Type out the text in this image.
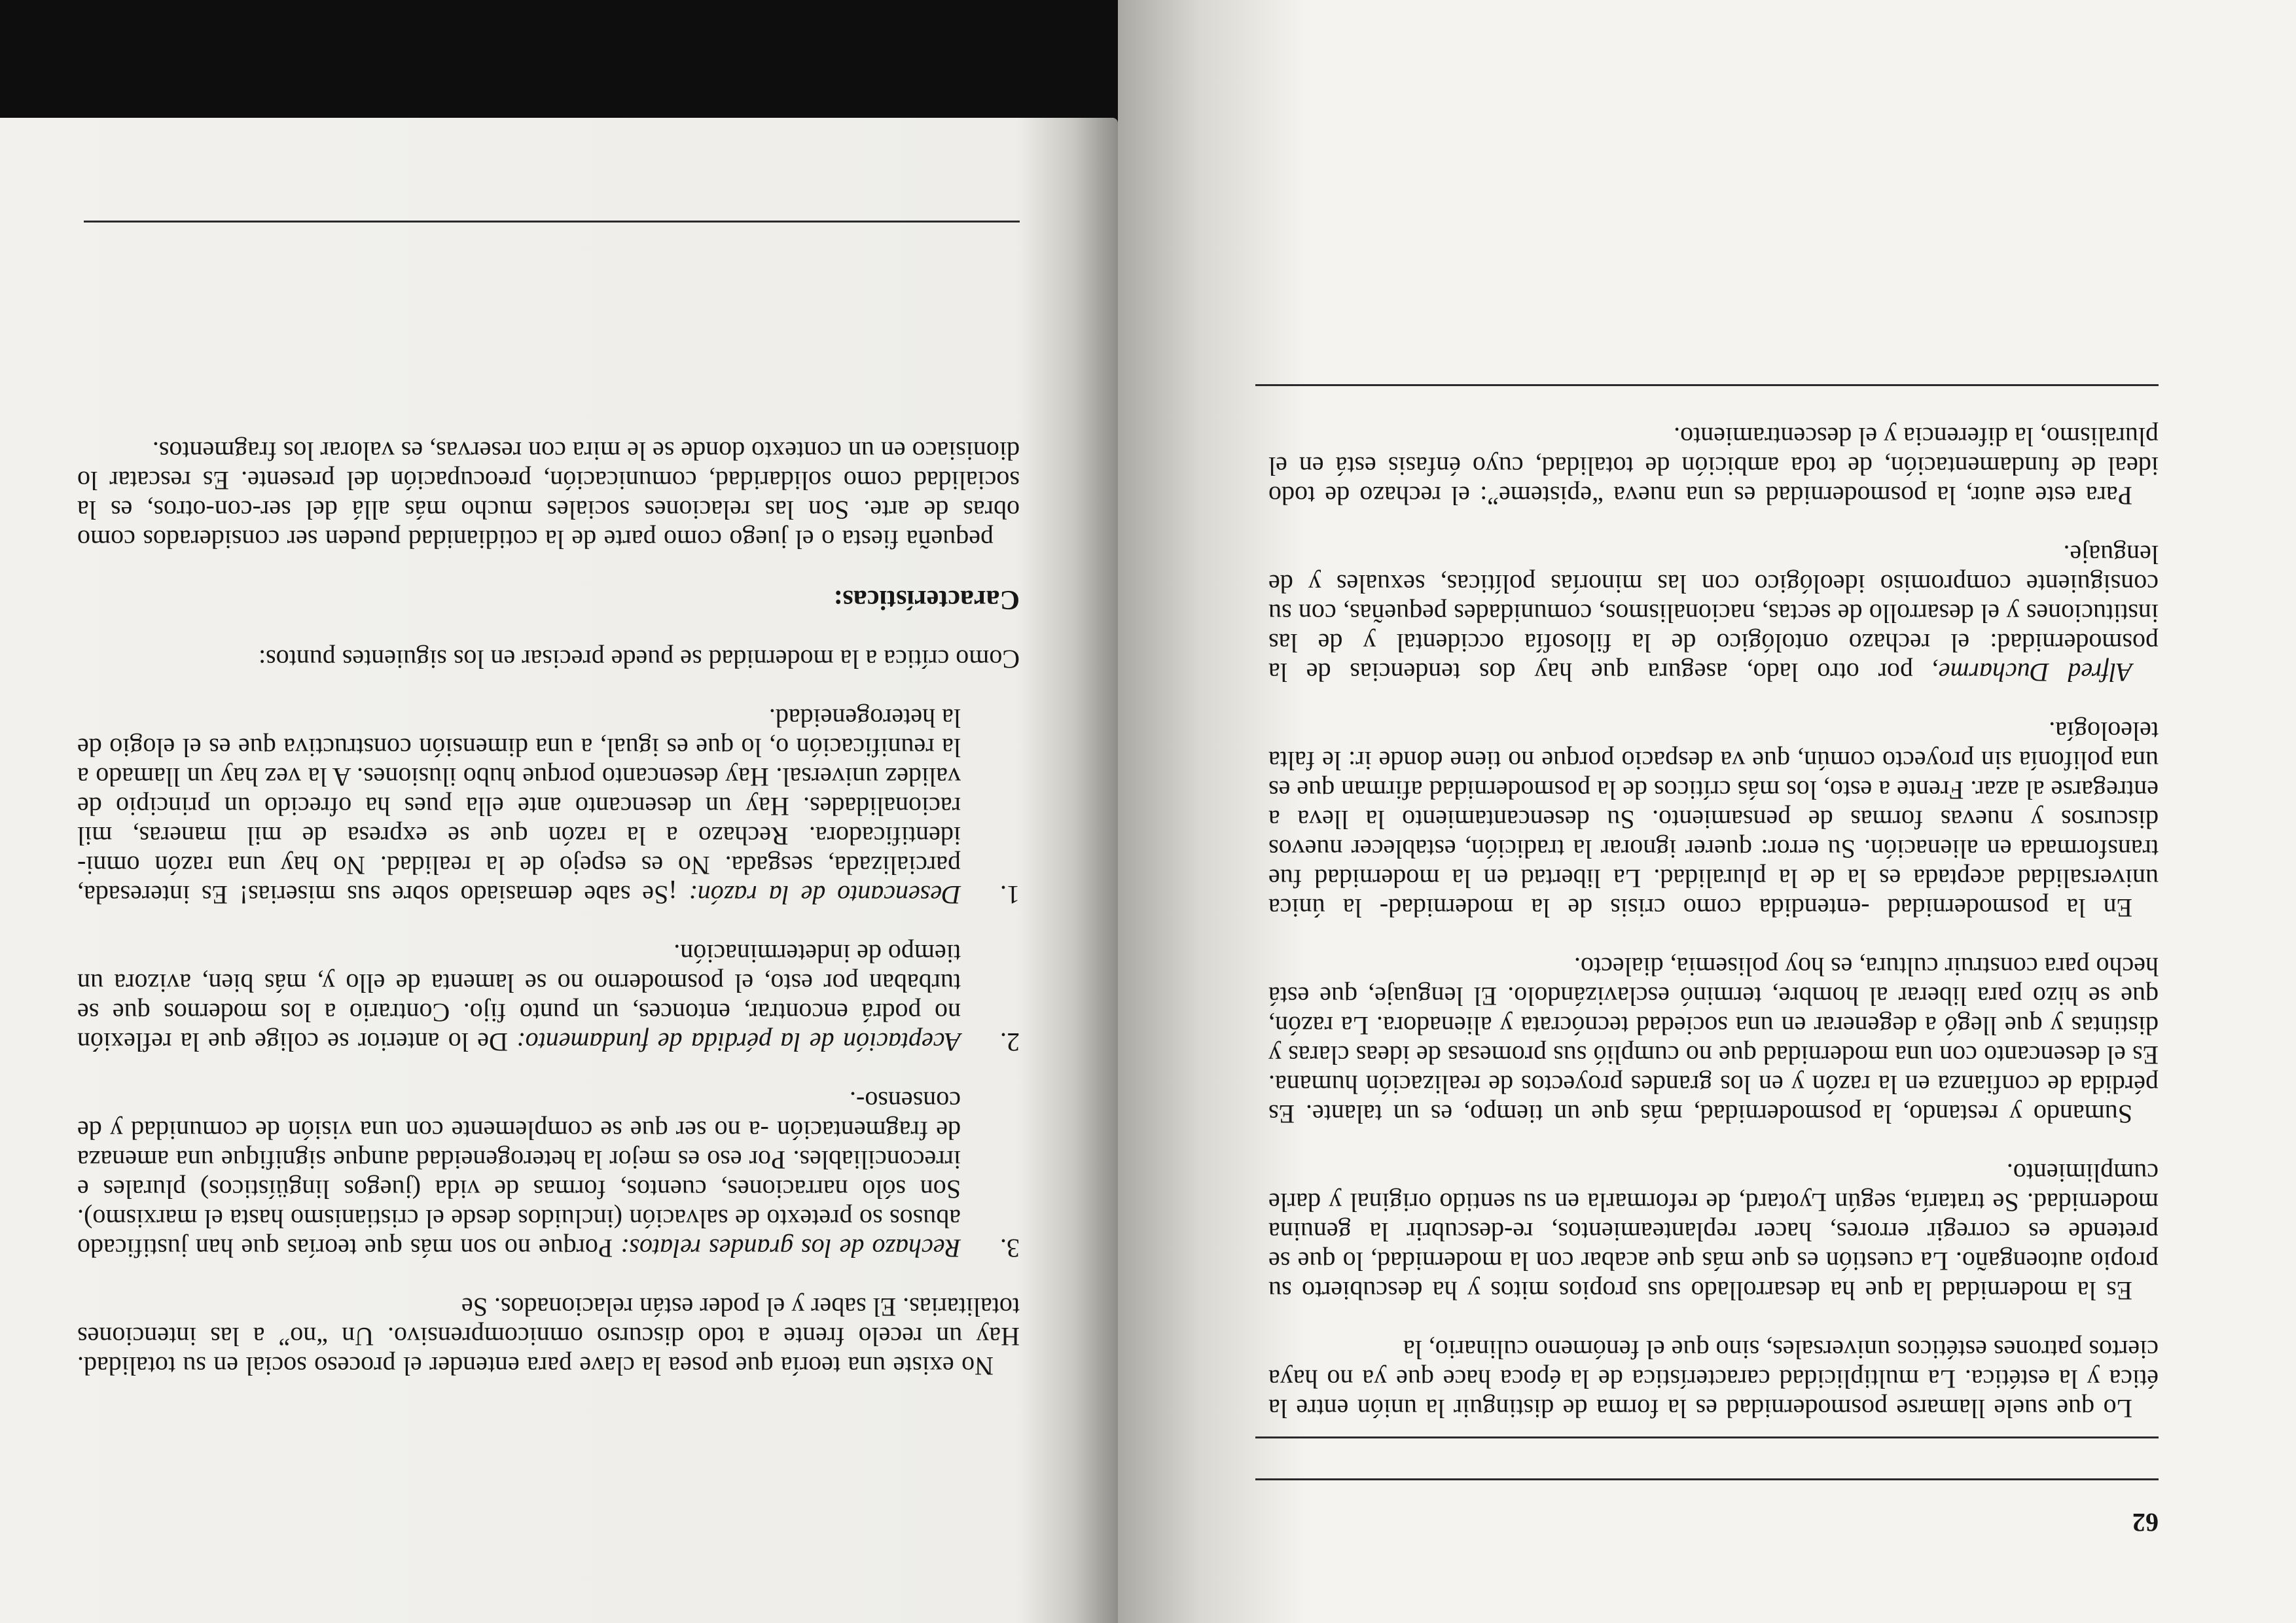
62

Lo que suele llamarse posmodernidad es la forma de distinguir la unión entre la ética y la estética. La multiplicidad característica de la época hace que ya no haya ciertos patrones estéticos universales, sino que el fenómeno culinario, la

Es la modernidad la que ha desarrollado sus propios mitos y ha descubierto su propio autoengaño. La cuestión es que más que acabar con la modernidad, lo que se pretende es corregir errores, hacer replanteamientos, re-descubrir la genuina modernidad. Se trataría, según Lyotard, de reformarla en su sentido original y darle cumplimiento.

Sumando y restando, la posmodernidad, más que un tiempo, es un talante. Es pérdida de confianza en la razón y en los grandes proyectos de realización humana. Es el desencanto con una modernidad que no cumplió sus promesas de ideas claras y distintas y que llegó a degenerar en una sociedad tecnócrata y alienadora. La razón, que se hizo para liberar al hombre, terminó esclavizándolo. El lenguaje, que está hecho para construir cultura, es hoy polisemia, dialecto.

En la posmodernidad -entendida como crisis de la modernidad- la única universalidad aceptada es la de la pluralidad. La libertad en la modernidad fue transformada en alienación. Su error: querer ignorar la tradición, establecer nuevos discursos y nuevas formas de pensamiento. Su desencantamiento la lleva a entregarse al azar. Frente a esto, los más críticos de la posmodernidad afirman que es una polifonía sin proyecto común, que va despacio porque no tiene donde ir: le falta teleología.

Alfred Ducharme, por otro lado, asegura que hay dos tendencias de la posmodernidad: el rechazo ontológico de la filosofía occidental y de las instituciones y el desarrollo de sectas, nacionalismos, comunidades pequeñas, con su consiguiente compromiso ideológico con las minorías políticas, sexuales y de lenguaje.

Para este autor, la posmodernidad es una nueva “episteme”: el rechazo de todo ideal de fundamentación, de toda ambición de totalidad, cuyo énfasis está en el pluralismo, la diferencia y el descentramiento.

No existe una teoría que posea la clave para entender el proceso social en su totalidad. Hay un recelo frente a todo discurso omnicomprensivo. Un “no” a las intenciones totalitarias. El saber y el poder están relacionados. Se

3.

Rechazo de los grandes relatos: Porque no son más que teorías que han justificado abusos so pretexto de salvación (incluidos desde el cristianismo hasta el marxismo). Son sólo narraciones, cuentos, formas de vida (juegos lingüísticos) plurales e irreconciliables. Por eso es mejor la heterogeneidad aunque signifique una amenaza de fragmentación -a no ser que se complemente con una visión de comunidad y de consenso-.

2.

Aceptación de la pérdida de fundamento: De lo anterior se colige que la reflexión no podrá encontrar, entonces, un punto fijo. Contrario a los modernos que se turbaban por esto, el posmoderno no se lamenta de ello y, más bien, avizora un tiempo de indeterminación.

1.

Desencanto de la razón: ¡Se sabe demasiado sobre sus miserias! Es interesada, parcializada, sesgada. No es espejo de la realidad. No hay una razón omni-identificadora. Rechazo a la razón que se expresa de mil maneras, mil racionalidades. Hay un desencanto ante ella pues ha ofrecido un principio de validez universal. Hay desencanto porque hubo ilusiones. A la vez hay un llamado a la reunificación o, lo que es igual, a una dimensión constructiva que es el elogio de la heterogeneidad.

Como crítica a la modernidad se puede precisar en los siguientes puntos:

Características:

pequeña fiesta o el juego como parte de la cotidianidad pueden ser considerados como obras de arte. Son las relaciones sociales mucho más allá del ser-con-otros, es la socialidad como solidaridad, comunicación, preocupación del presente. Es rescatar lo dionisiaco en un contexto donde se le mira con reservas, es valorar los fragmentos.
